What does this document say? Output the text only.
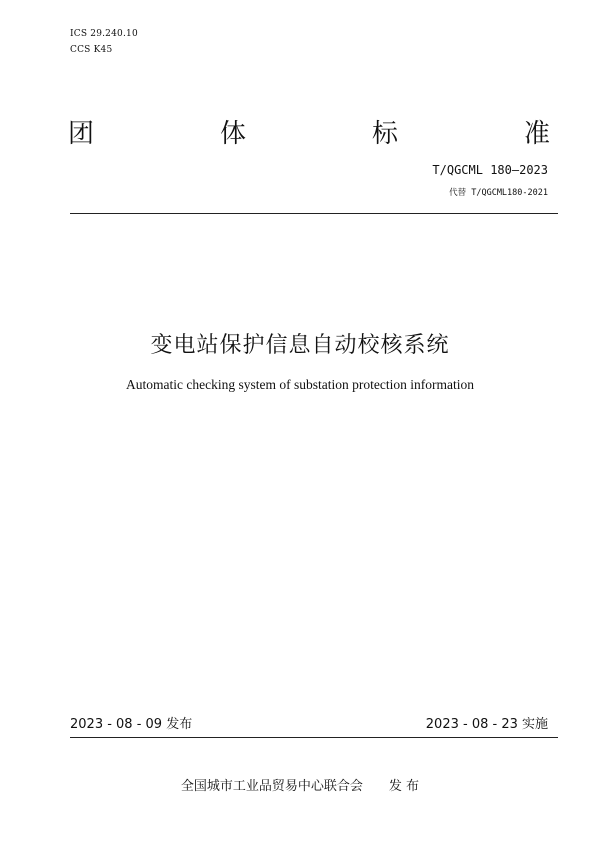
ICS 29.240.10
CCS K45
团	体	标	准
T/QGCML 180—2023
代替 T/QGCML180-2021
变电站保护信息自动校核系统
Automatic checking system of substation protection information
2023 - 08 - 09 发布	2023 - 08 - 23 实施
全国城市工业品贸易中心联合会　　发 布
